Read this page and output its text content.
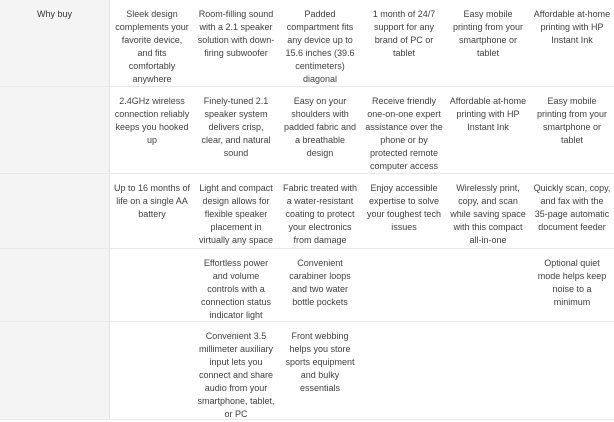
Why buy	Sleek design complements your favorite device, and fits comfortably anywhere
Room-filling sound with a 2.1 speaker solution with down-firing subwoofer
Padded compartment fits any device up to 15.6 inches (39.6 centimeters) diagonal
1 month of 24/7 support for any brand of PC or tablet
Easy mobile printing from your smartphone or tablet
Affordable at-home printing with HP Instant Ink
2.4GHz wireless connection reliably keeps you hooked up
Finely-tuned 2.1 speaker system delivers crisp, clear, and natural sound
Easy on your shoulders with padded fabric and a breathable design
Receive friendly one-on-one expert assistance over the phone or by protected remote computer access
Affordable at-home printing with HP Instant Ink
Easy mobile printing from your smartphone or tablet
Up to 16 months of life on a single AA battery
Light and compact design allows for flexible speaker placement in virtually any space
Fabric treated with a water-resistant coating to protect your electronics from damage
Enjoy accessible expertise to solve your toughest tech issues
Wirelessly print, copy, and scan while saving space with this compact all-in-one
Quickly scan, copy, and fax with the 35-page automatic document feeder
Effortless power and volume controls with a connection status indicator light
Convenient carabiner loops and two water bottle pockets
Optional quiet mode helps keep noise to a minimum
Convenient 3.5 millimeter auxiliary input lets you connect and share audio from your smartphone, tablet, or PC
Front webbing helps you store sports equipment and bulky essentials
